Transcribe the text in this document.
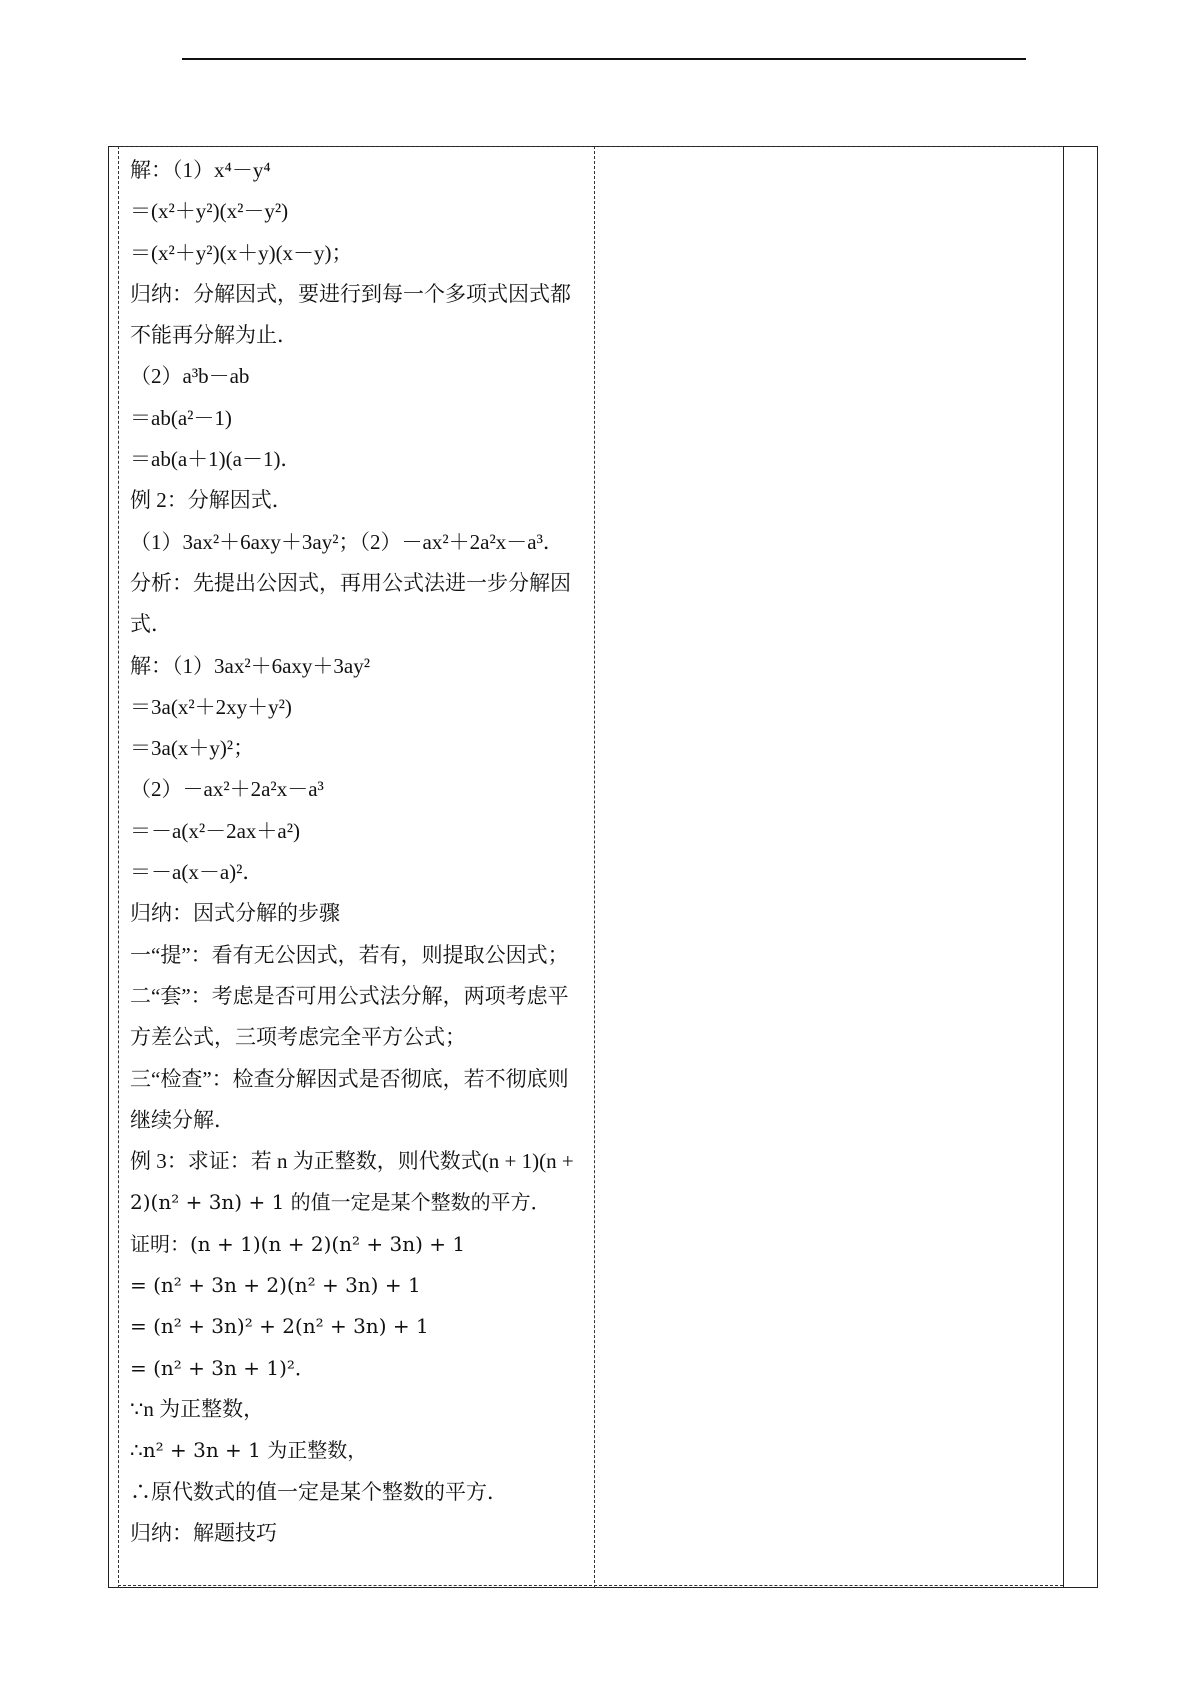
解：（1）x⁴－y⁴
＝(x²＋y²)(x²－y²)
＝(x²＋y²)(x＋y)(x－y)；
归纳：分解因式，要进行到每一个多项式因式都
不能再分解为止．
（2）a³b－ab
＝ab(a²－1)
＝ab(a＋1)(a－1)．
例 2：分解因式．
（1）3ax²＋6axy＋3ay²；（2）－ax²＋2a²x－a³．
分析：先提出公因式，再用公式法进一步分解因
式．
解：（1）3ax²＋6axy＋3ay²
＝3a(x²＋2xy＋y²)
＝3a(x＋y)²；
（2）－ax²＋2a²x－a³
＝－a(x²－2ax＋a²)
＝－a(x－a)²．
归纳：因式分解的步骤
一“提”：看有无公因式，若有，则提取公因式；
二“套”：考虑是否可用公式法分解，两项考虑平
方差公式，三项考虑完全平方公式；
三“检查”：检查分解因式是否彻底，若不彻底则
继续分解．
例 3：求证：若 n 为正整数，则代数式(n + 1)(n +
2)(n² + 3n) + 1 的值一定是某个整数的平方．
证明：(n + 1)(n + 2)(n² + 3n) + 1
= (n² + 3n + 2)(n² + 3n) + 1
= (n² + 3n)² + 2(n² + 3n) + 1
= (n² + 3n + 1)²．
∵n 为正整数，
∴n² + 3n + 1 为正整数，
∴原代数式的值一定是某个整数的平方．
归纳：解题技巧
